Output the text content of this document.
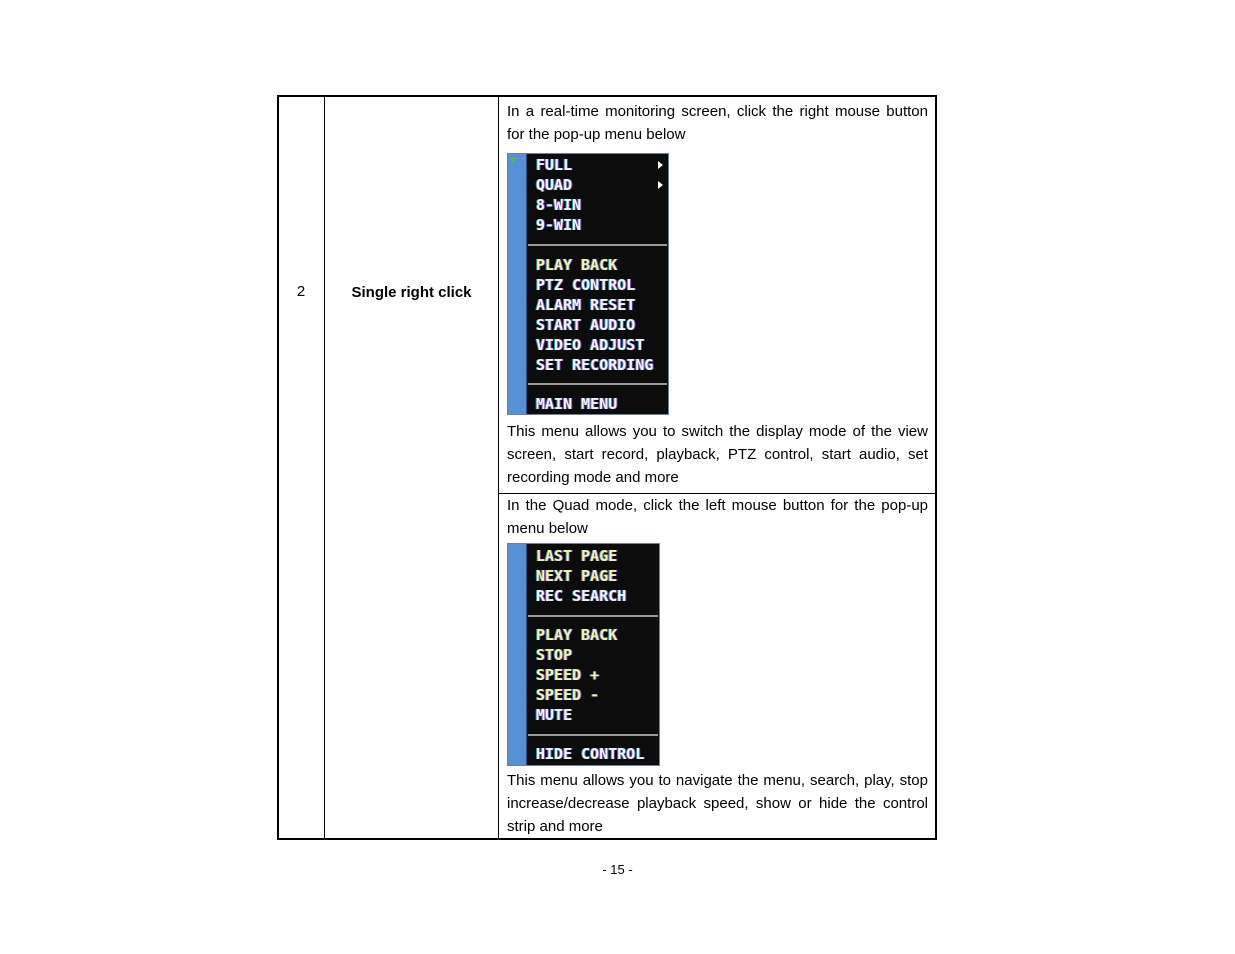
2	Single right click
In a real-time monitoring screen, click the right mouse button for the pop-up menu below
✦ FULL
QUAD
8-WIN
9-WIN
PLAY BACK
PTZ CONTROL
ALARM RESET
START AUDIO
VIDEO ADJUST
SET RECORDING
MAIN MENU
This menu allows you to switch the display mode of the view screen, start record, playback, PTZ control, start audio, set recording mode and more
In the Quad mode, click the left mouse button for the pop-up menu below
LAST PAGE
NEXT PAGE
REC SEARCH
PLAY BACK
STOP
SPEED +
SPEED -
MUTE
HIDE CONTROL
This menu allows you to navigate the menu, search, play, stop increase/decrease playback speed, show or hide the control strip and more
- 15 -
